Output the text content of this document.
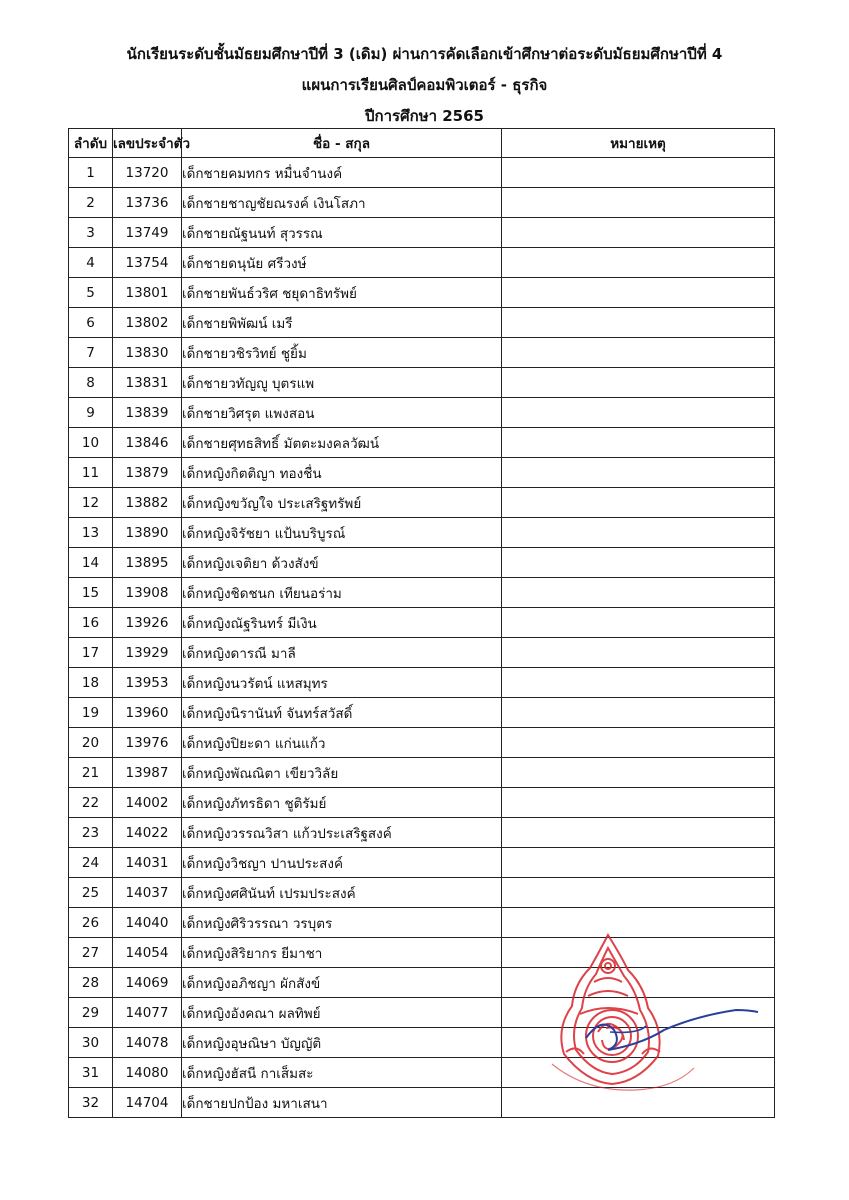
นักเรียนระดับชั้นมัธยมศึกษาปีที่ 3 (เดิม) ผ่านการคัดเลือกเข้าศึกษาต่อระดับมัธยมศึกษาปีที่ 4
แผนการเรียนศิลป์คอมพิวเตอร์ - ธุรกิจ
ปีการศึกษา 2565
ลำดับ	เลขประจำตัว	ชื่อ - สกุล	หมายเหตุ
1	13720	เด็กชายคมทกร หมื่นจำนงค์	
2	13736	เด็กชายชาญชัยณรงค์ เงินโสภา	
3	13749	เด็กชายณัฐนนท์ สุวรรณ	
4	13754	เด็กชายดนุนัย ศรีวงษ์	
5	13801	เด็กชายพันธ์วริศ ชยุดาธิทรัพย์	
6	13802	เด็กชายพิพัฒน์ เมรี	
7	13830	เด็กชายวชิรวิทย์ ชูยิ้ม	
8	13831	เด็กชายวทัญญู บุตรแพ	
9	13839	เด็กชายวิศรุต แพงสอน	
10	13846	เด็กชายศุทธสิทธิ์ มัตตะมงคลวัฒน์	
11	13879	เด็กหญิงกิตติญา ทองชื่น	
12	13882	เด็กหญิงขวัญใจ ประเสริฐทรัพย์	
13	13890	เด็กหญิงจิรัชยา แป้นบริบูรณ์	
14	13895	เด็กหญิงเจติยา ด้วงสังข์	
15	13908	เด็กหญิงชิดชนก เทียนอร่าม	
16	13926	เด็กหญิงณัฐรินทร์ มีเงิน	
17	13929	เด็กหญิงดารณี มาลี	
18	13953	เด็กหญิงนวรัตน์ แหสมุทร	
19	13960	เด็กหญิงนิรานันท์ จันทร์สวัสดิ์	
20	13976	เด็กหญิงปิยะดา แก่นแก้ว	
21	13987	เด็กหญิงพัณณิตา เขียววิลัย	
22	14002	เด็กหญิงภัทรธิดา ชูติรัมย์	
23	14022	เด็กหญิงวรรณวิสา แก้วประเสริฐสงค์	
24	14031	เด็กหญิงวิชญา ปานประสงค์	
25	14037	เด็กหญิงศศินันท์ เปรมประสงค์	
26	14040	เด็กหญิงศิริวรรณา วรบุตร	
27	14054	เด็กหญิงสิริยากร ยีมาชา	
28	14069	เด็กหญิงอภิชญา ผักสังข์	
29	14077	เด็กหญิงอังคณา ผลทิพย์	
30	14078	เด็กหญิงอุษณิษา บัญญัติ	
31	14080	เด็กหญิงฮัสนี กาเส็มสะ	
32	14704	เด็กชายปกป้อง มหาเสนา	
